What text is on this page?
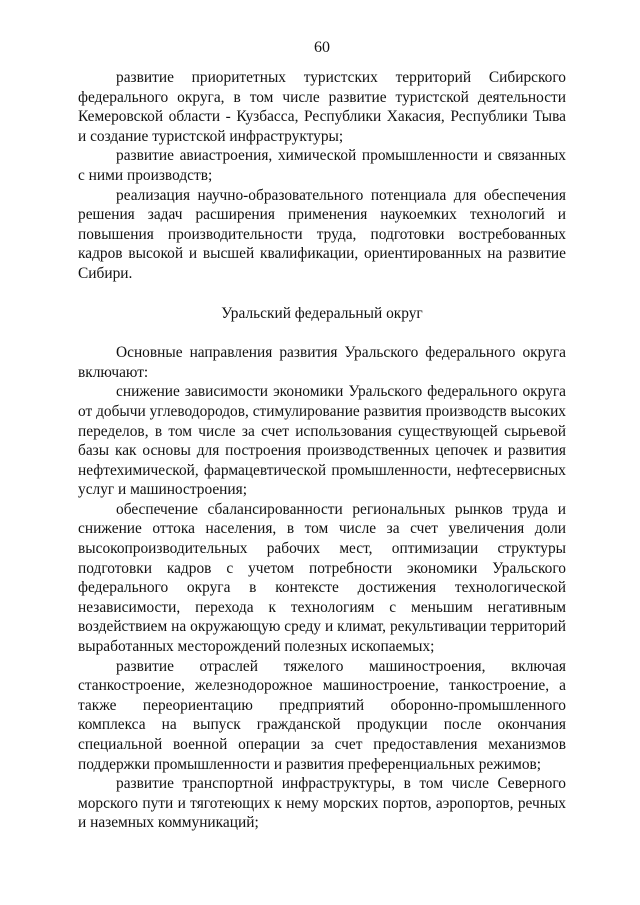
60

развитие приоритетных туристских территорий Сибирского федерального округа, в том числе развитие туристской деятельности Кемеровской области - Кузбасса, Республики Хакасия, Республики Тыва и создание туристской инфраструктуры;

развитие авиастроения, химической промышленности и связанных с ними производств;

реализация научно-образовательного потенциала для обеспечения решения задач расширения применения наукоемких технологий и повышения производительности труда, подготовки востребованных кадров высокой и высшей квалификации, ориентированных на развитие Сибири.

Уральский федеральный округ

Основные направления развития Уральского федерального округа включают:

снижение зависимости экономики Уральского федерального округа от добычи углеводородов, стимулирование развития производств высоких переделов, в том числе за счет использования существующей сырьевой базы как основы для построения производственных цепочек и развития нефтехимической, фармацевтической промышленности, нефтесервисных услуг и машиностроения;

обеспечение сбалансированности региональных рынков труда и снижение оттока населения, в том числе за счет увеличения доли высокопроизводительных рабочих мест, оптимизации структуры подготовки кадров с учетом потребности экономики Уральского федерального округа в контексте достижения технологической независимости, перехода к технологиям с меньшим негативным воздействием на окружающую среду и климат, рекультивации территорий выработанных месторождений полезных ископаемых;

развитие отраслей тяжелого машиностроения, включая станкостроение, железнодорожное машиностроение, танкостроение, а также переориентацию предприятий оборонно-промышленного комплекса на выпуск гражданской продукции после окончания специальной военной операции за счет предоставления механизмов поддержки промышленности и развития преференциальных режимов;

развитие транспортной инфраструктуры, в том числе Северного морского пути и тяготеющих к нему морских портов, аэропортов, речных и наземных коммуникаций;
